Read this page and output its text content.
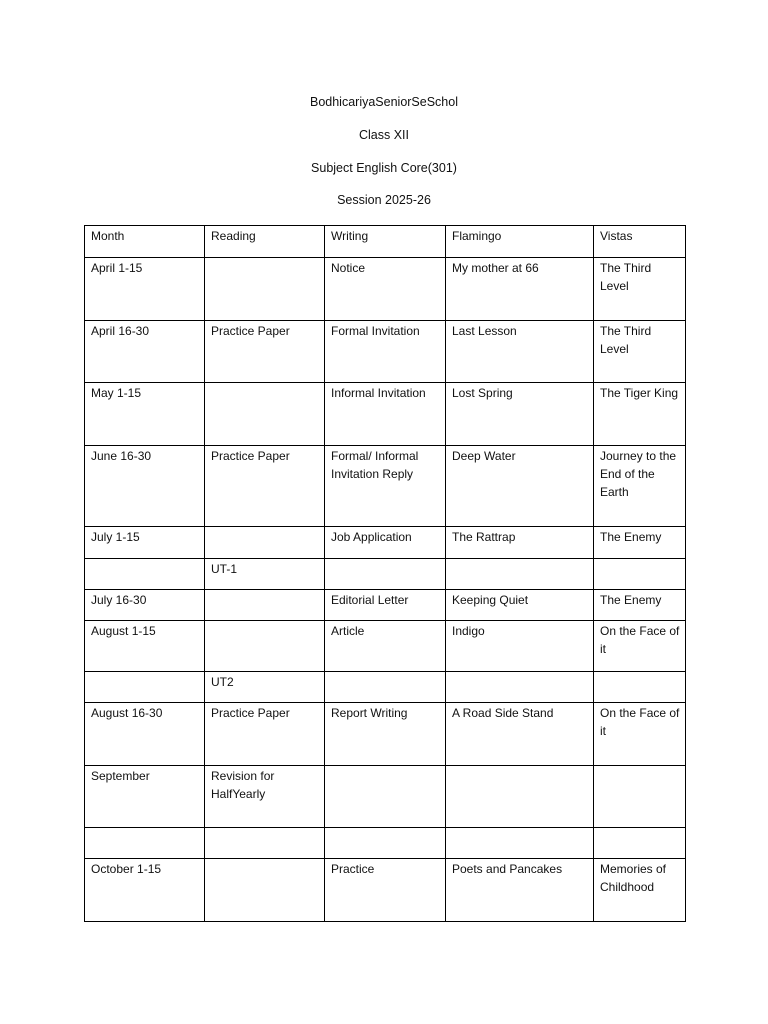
BodhicariyaSeniorSeSchol
Class XII
Subject English Core(301)
Session 2025-26
Month	Reading	Writing	Flamingo	Vistas

April 1-15		Notice	My mother at 66	The Third Level

April 16-30	Practice Paper	Formal Invitation	Last Lesson	The Third Level

May 1-15		Informal Invitation	Lost Spring	The Tiger King

June 16-30	Practice Paper	Formal/ Informal Invitation Reply	Deep Water	Journey to the End of the Earth

July 1-15		Job Application	The Rattrap	The Enemy

	UT-1			

July 16-30		Editorial Letter	Keeping Quiet	The Enemy

August 1-15		Article	Indigo	On the Face of it

	UT2			

August 16-30	Practice Paper	Report Writing	A Road Side Stand	On the Face of it

September	Revision for HalfYearly			

October 1-15		Practice	Poets and Pancakes	Memories of Childhood
